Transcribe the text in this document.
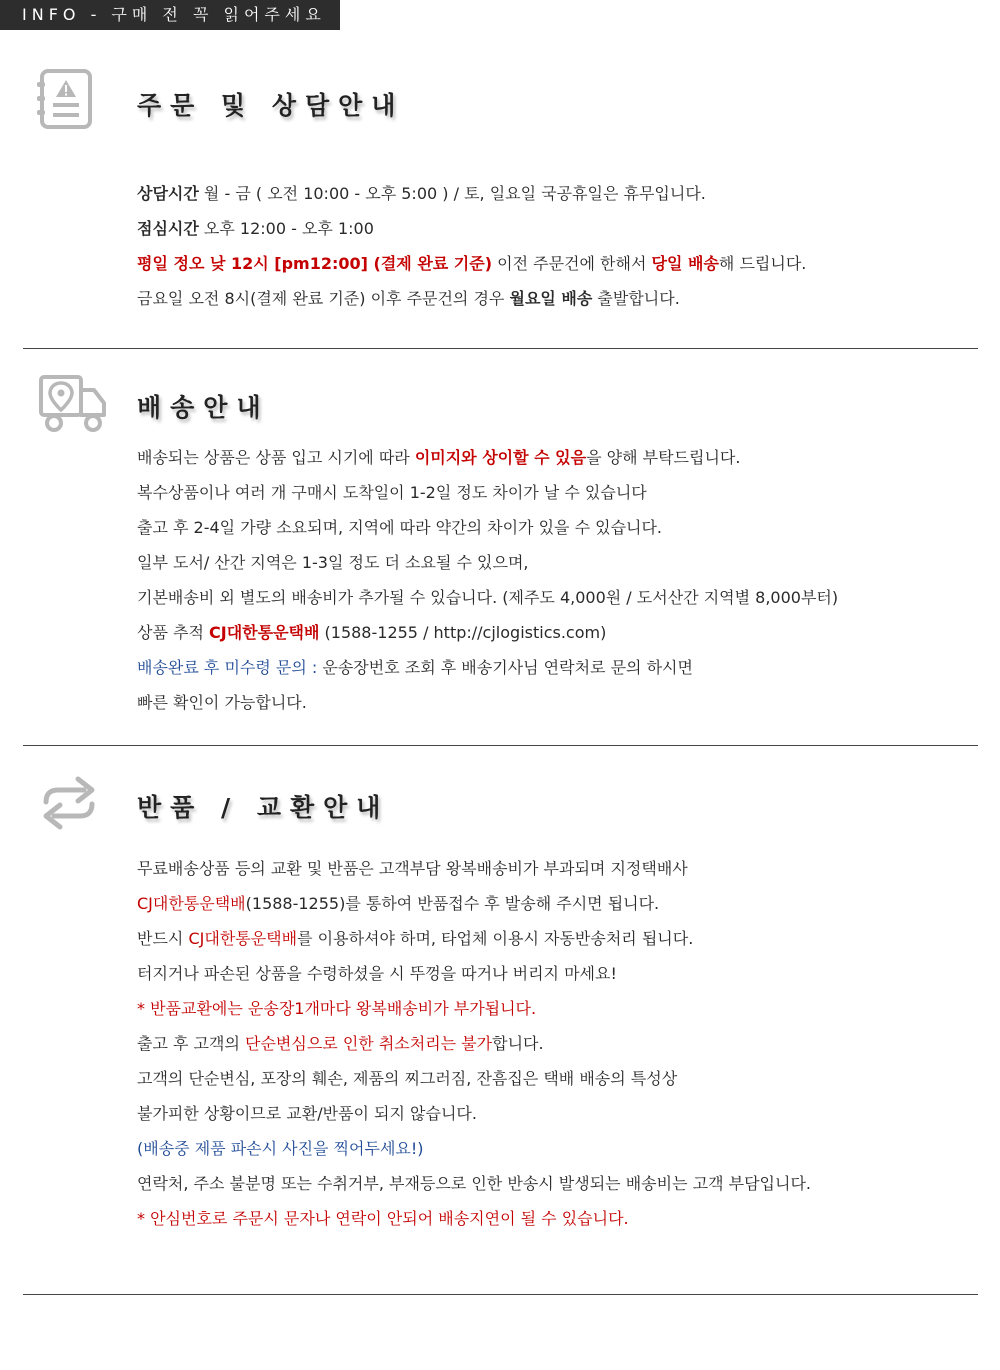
INFO - 구매 전 꼭 읽어주세요
주문 및 상담안내
상담시간 월 - 금 ( 오전 10:00 - 오후 5:00 ) / 토, 일요일 국공휴일은 휴무입니다.
점심시간 오후 12:00 - 오후 1:00
평일 정오 낮 12시 [pm12:00] (결제 완료 기준) 이전 주문건에 한해서 당일 배송해 드립니다.
금요일 오전 8시(결제 완료 기준) 이후 주문건의 경우 월요일 배송 출발합니다.
배송안내
배송되는 상품은 상품 입고 시기에 따라 이미지와 상이할 수 있음을 양해 부탁드립니다.
복수상품이나 여러 개 구매시 도착일이 1-2일 정도 차이가 날 수 있습니다
출고 후 2-4일 가량 소요되며, 지역에 따라 약간의 차이가 있을 수 있습니다.
일부 도서/ 산간 지역은 1-3일 정도 더 소요될 수 있으며,
기본배송비 외 별도의 배송비가 추가될 수 있습니다. (제주도 4,000원 / 도서산간 지역별 8,000부터)
상품 추적 CJ대한통운택배 (1588-1255 / http://cjlogistics.com)
배송완료 후 미수령 문의 : 운송장번호 조회 후 배송기사님 연락처로 문의 하시면
빠른 확인이 가능합니다.
반품 / 교환안내
무료배송상품 등의 교환 및 반품은 고객부담 왕복배송비가 부과되며 지정택배사
CJ대한통운택배(1588-1255)를 통하여 반품접수 후 발송해 주시면 됩니다.
반드시 CJ대한통운택배를 이용하셔야 하며, 타업체 이용시 자동반송처리 됩니다.
터지거나 파손된 상품을 수령하셨을 시 뚜껑을 따거나 버리지 마세요!
* 반품교환에는 운송장1개마다 왕복배송비가 부가됩니다.
출고 후 고객의 단순변심으로 인한 취소처리는 불가합니다.
고객의 단순변심, 포장의 훼손, 제품의 찌그러짐, 잔흠집은 택배 배송의 특성상
불가피한 상황이므로 교환/반품이 되지 않습니다.
(배송중 제품 파손시 사진을 찍어두세요!)
연락처, 주소 불분명 또는 수취거부, 부재등으로 인한 반송시 발생되는 배송비는 고객 부담입니다.
* 안심번호로 주문시 문자나 연락이 안되어 배송지연이 될 수 있습니다.
